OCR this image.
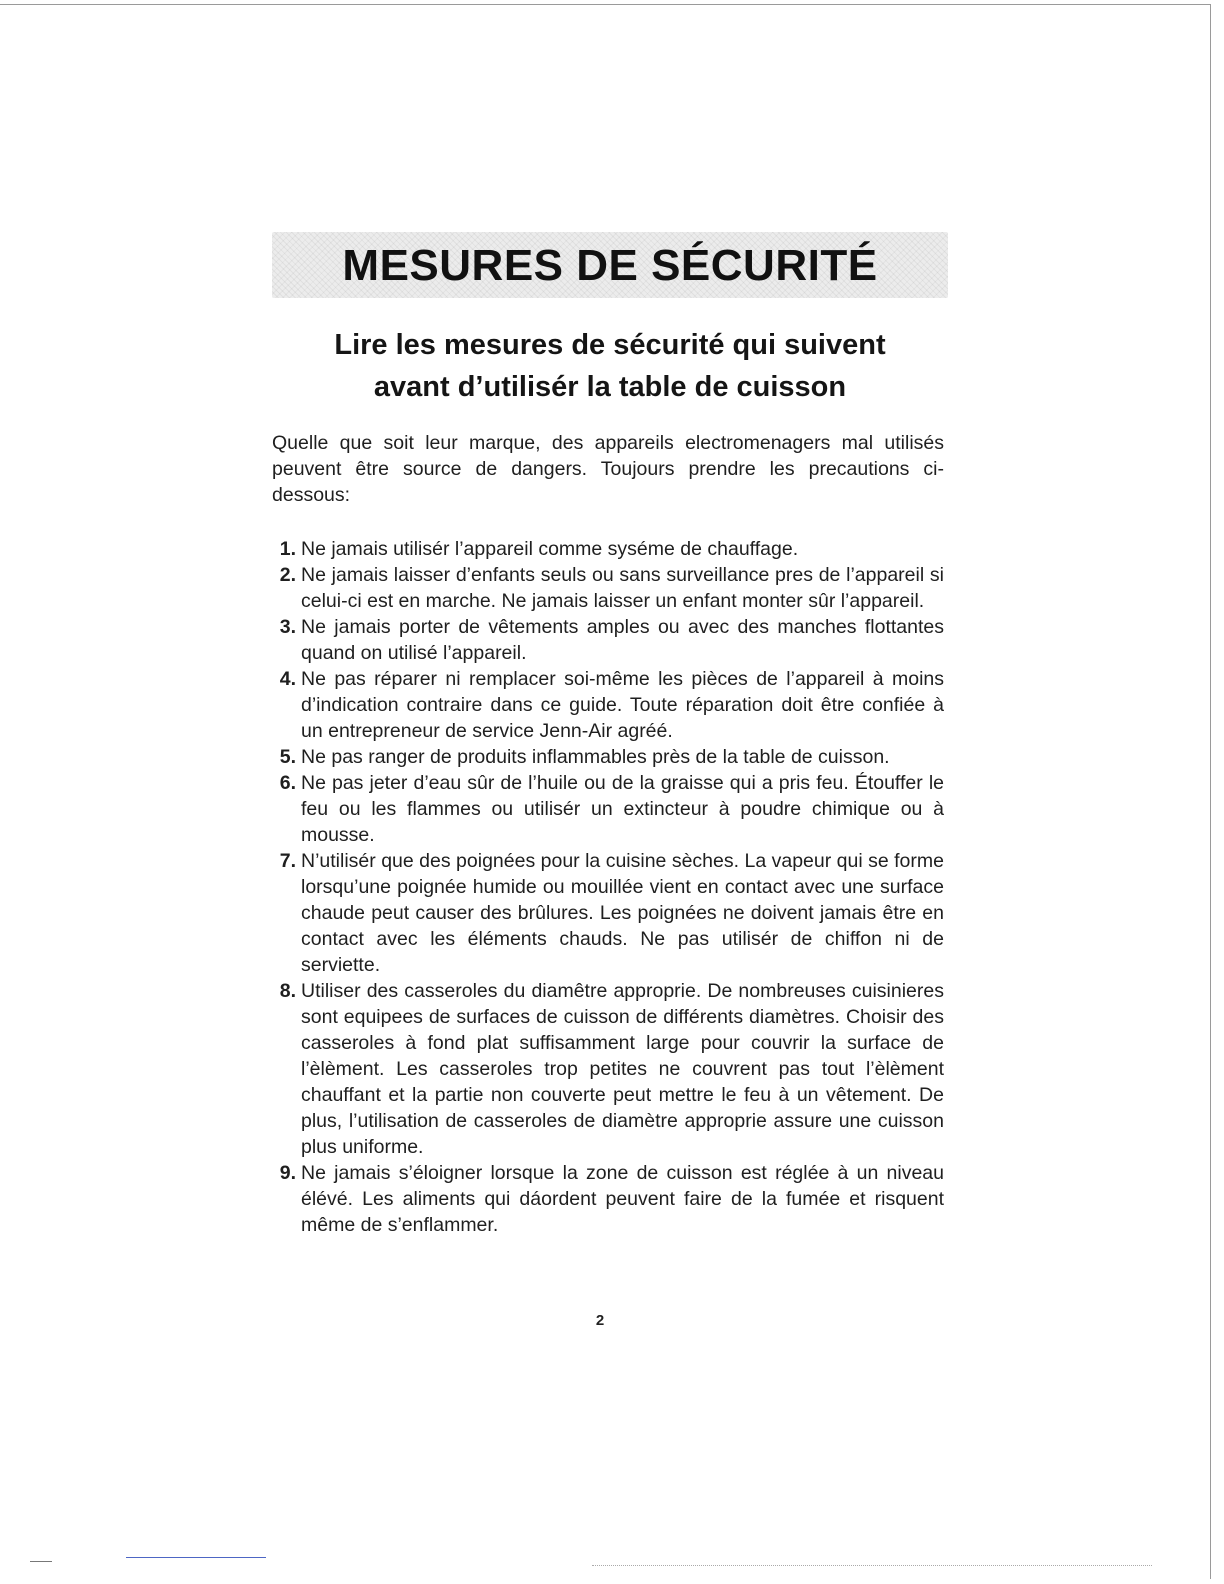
MESURES DE SÉCURITÉ
Lire les mesures de sécurité qui suivent
avant d’utilisér la table de cuisson

Quelle que soit leur marque, des appareils electromenagers mal utilisés peuvent être source de dangers. Toujours prendre les precautions ci-dessous:

1. Ne jamais utilisér l’appareil comme syséme de chauffage.
2. Ne jamais laisser d’enfants seuls ou sans surveillance pres de l’appareil si celui-ci est en marche. Ne jamais laisser un enfant monter sûr l’appareil.
3. Ne jamais porter de vêtements amples ou avec des manches flottantes quand on utilisé l’appareil.
4. Ne pas réparer ni remplacer soi-même les pièces de l’appareil à moins d’indication contraire dans ce guide. Toute réparation doit être confiée à un entrepreneur de service Jenn-Air agréé.
5. Ne pas ranger de produits inflammables près de la table de cuisson.
6. Ne pas jeter d’eau sûr de l’huile ou de la graisse qui a pris feu. Étouffer le feu ou les flammes ou utilisér un extincteur à poudre chimique ou à mousse.
7. N’utilisér que des poignées pour la cuisine sèches. La vapeur qui se forme lorsqu’une poignée humide ou mouillée vient en contact avec une surface chaude peut causer des brûlures. Les poignées ne doivent jamais être en contact avec les éléments chauds. Ne pas utilisér de chiffon ni de serviette.
8. Utiliser des casseroles du diamêtre approprie. De nombreuses cuisinieres sont equipees de surfaces de cuisson de différents diamètres. Choisir des casseroles à fond plat suffisamment large pour couvrir la surface de l’èlèment. Les casseroles trop petites ne couvrent pas tout l’èlèment chauffant et la partie non couverte peut mettre le feu à un vêtement. De plus, l’utilisation de casseroles de diamètre approprie assure une cuisson plus uniforme.
9. Ne jamais s’éloigner lorsque la zone de cuisson est réglée à un niveau élévé. Les aliments qui dáordent peuvent faire de la fumée et risquent même de s’enflammer.

2
